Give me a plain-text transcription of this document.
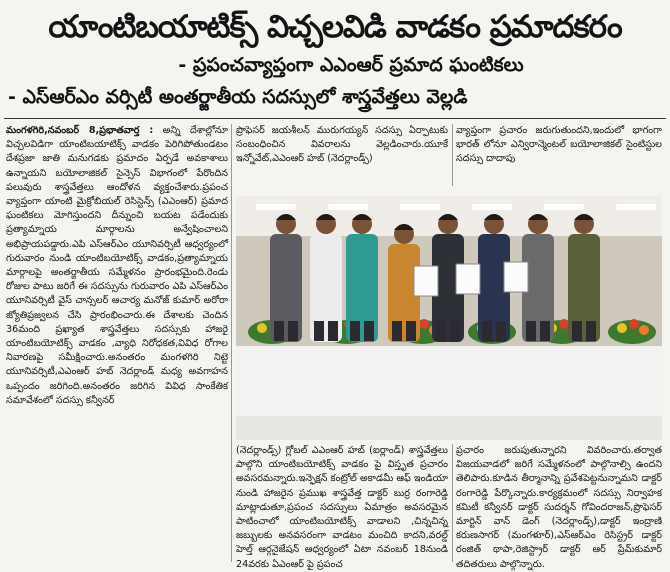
యాంటిబయాటిక్స్ విచ్చలవిడి వాడకం ప్రమాదకరం
- ప్రపంచవ్యాప్తంగా ఎఎంఆర్ ప్రమాద ఘంటికలు
- ఎస్ఆర్ఎం వర్సిటీ అంతర్జాతీయ సదస్సులో శాస్త్రవేత్తలు వెల్లడి

మంగళగిరి,నవంబర్ 8,ప్రభాతవార్త : అన్ని దేశాల్లోనూ విచ్చలవిడిగా యాంటిబయాటిక్స్ వాడకం పెరిగిపోతుండటం దేశప్రజా జాతి మనుగడకు ప్రమాదం ఏర్పడే అవకాశాలు ఉన్నాయని బయోలాజికల్ సైన్సెస్ విభాగంలో పేరొందిన పలువురు శాస్త్రవేత్తలు ఆందోళన వ్యక్తంచేశారు.ప్రపంచ వ్యాప్తంగా యాంటి మైక్రోబియల్ రెసిస్టెన్స్ (ఎఎంఆర్) ప్రమాద ఘంటికలు మోగిస్తుందని దీన్నుంచి బయట పడేందుకు ప్రత్యామ్నాయ మార్గాలను అన్వేషించాలని అభిప్రాయపడ్డారు.ఎపి ఎస్ఆర్ఎం యూనివర్సిటీ ఆధ్వర్యంలో గురువారం నుండి యాంటిబయోటిక్స్ వాడకం,ప్రత్యామ్నాయ మార్గాలపై అంతర్జాతీయ సమ్మేళనం ప్రారంభమైంది.రెండు రోజుల పాటు జరిగే ఈ సదస్సును గురువారం ఎపి ఎస్ఆర్ఎం యూనివర్సిటీ వైస్ చాన్సలర్ ఆచార్య మనోజ్ కుమార్ అరోరా జ్యోతిప్రజ్వలన చేసి ప్రారంభించారు.ఈ దేశాలకు చెందిన 36మంది ప్రఖ్యాత శాస్త్రవేత్తలు సదస్సుకు హాజరై యాంటిబయోటిక్స్ వాడకం ,వ్యాధి నిరోధకత,వివిధ రోగాల నివారణపై సమీక్షించారు.అనంతరం మంగళగిరి నిట్టె యూనివర్సిటీ,ఎఎంఆర్ హబ్ నెదర్లాండ్ మధ్య అవగాహన ఒప్పందం జరిగింది.అనంతరం జరిగిన వివిధ సాంకేతిక సమావేశంలో సదస్సు కన్వీనర్

ప్రొఫెసర్ జయశీలన్ మురుగయ్యన్ సదస్సు ఏర్పాటుకు సంబంధించిన వివరాలను వెల్లడించారు.యూకే ఇన్నోవేట్,ఎఎంఆర్ హబ్ (నెదర్లాండ్స్)

వ్యాప్తంగా ప్రచారం జరుగుతుందని,ఇందులో భాగంగా భారత్ లోనూ ఎన్విరాన్మెంటల్ బయోలాజికల్ సైంటిస్టుల సదస్సు దాదాపు

(నెదర్లాండ్స్) గ్లోబల్ ఎఎంఆర్ హబ్ (ఐర్లాండ్) శాస్త్రవేత్తలు పాల్గొని యాంటిబయోటిక్స్ వాడకం పై విస్తృత ప్రచారం అవసరమన్నారు.ఇన్ఫెక్షన్ కంట్రోల్ అకాడమీ ఆఫ్ ఇండియా నుండి హాజరైన ప్రముఖ శాస్త్రవేత్త డాక్టర్ బుర్ర రంగారెడ్డి మాట్లాడుతూ,ప్రపంచ సదస్సులు ఏమాత్రం అవసరమైన పాటించాలో యాంటిబయోటిక్స్ వాడాలని ,చిన్నచిన్న జబ్బులకు అనవసరంగా వాడటం మంచిది కాదని,వరల్డ్ హెల్త్ ఆర్గనైజేషన్ ఆధ్వర్యంలో ఏటా నవంబర్ 18నుండి 24వరకు ఏఎంఆర్ పై ప్రపంచ

ప్రచారం జరుపుతున్నారని వివరించారు.తర్వాత విజయవాడలో జరిగే సమ్మేళనంలో పాల్గొనాల్సి ఉందని తెలిపారు.కూడిన తీర్మానాన్ని ప్రవేశపెట్టనున్నామని డాక్టర్ రంగారెడ్డి పేర్కొన్నారు.కార్యక్రమంలో సదస్సు నిర్వాహక కమిటీ కన్వీనర్ డాక్టర్ సుదర్శన్ గోవిందరాజన్,ప్రొఫెసర్ మార్టిన్ వాన్ డెంగ్ (నెదర్లాండ్స్),డాక్టర్ ఇంద్రాణి కరుణసాగర్ (మంగళూర్),ఎస్ఆర్ఎం రెసిస్ట్రర్ డాక్టర్ రంజిత్ థాపా,రెజిస్ట్రార్ డాక్టర్ ఆర్ ప్రేమ్‌కుమార్ తదితరులు పాల్గొన్నారు.
